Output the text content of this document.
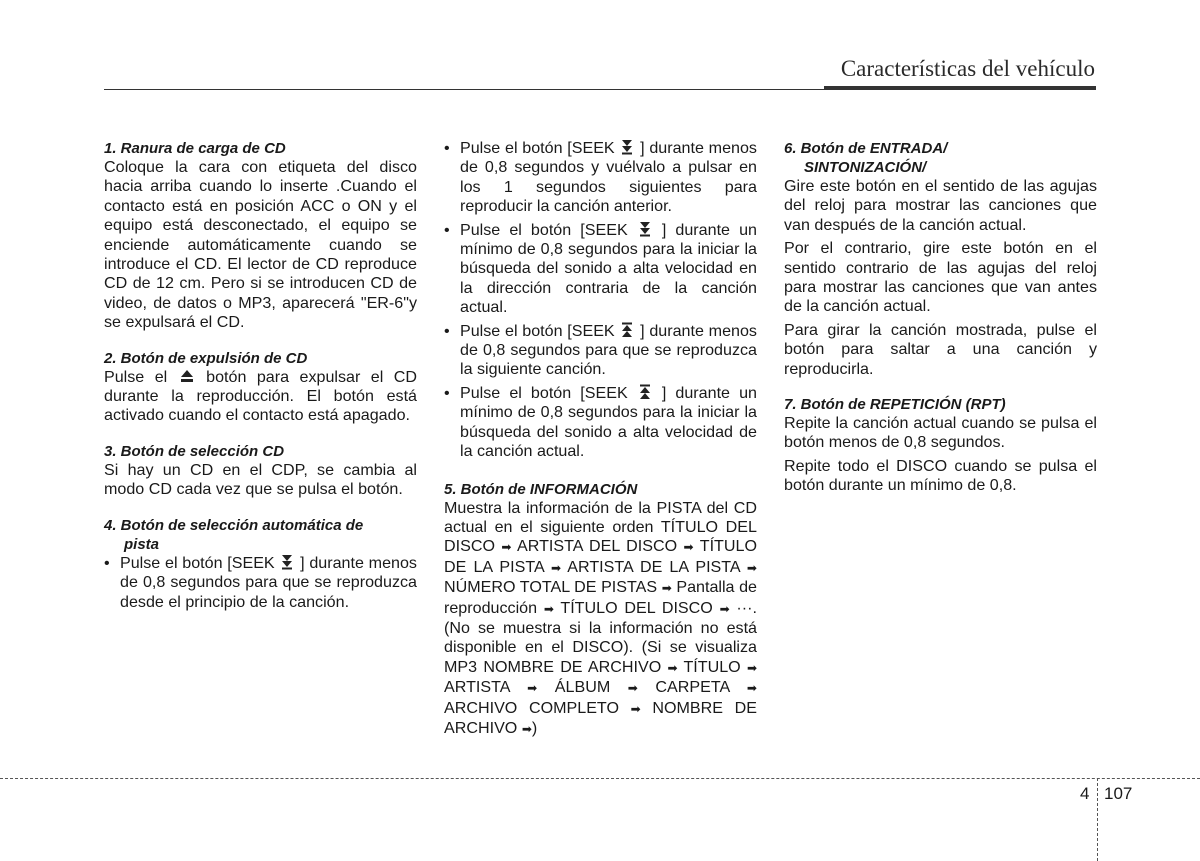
Características del vehículo

1. Ranura de carga de CD

Coloque la cara con etiqueta del disco hacia arriba cuando lo inserte .Cuando el contacto está en posición ACC o ON y el equipo está desconectado, el equipo se enciende automáticamente cuando se introduce el CD. El lector de CD reproduce CD de 12 cm. Pero si se introducen CD de video, de datos o MP3, aparecerá "ER-6"y se expulsará el CD.

2. Botón de expulsión de CD

Pulse el botón para expulsar el CD durante la reproducción. El botón está activado cuando el contacto está apagado.

3. Botón de selección CD

Si hay un CD en el CDP, se cambia al modo CD cada vez que se pulsa el botón.

4. Botón de selección automática de
pista

• Pulse el botón [SEEK ] durante menos de 0,8 segundos para que se reproduzca desde el principio de la canción.
• Pulse el botón [SEEK ] durante menos de 0,8 segundos y vuélvalo a pulsar en los 1 segundos siguientes para reproducir la canción anterior.
• Pulse el botón [SEEK ] durante un mínimo de 0,8 segundos para la iniciar la búsqueda del sonido a alta velocidad en la dirección contraria de la canción actual.
• Pulse el botón [SEEK ] durante menos de 0,8 segundos para que se reproduzca la siguiente canción.
• Pulse el botón [SEEK ] durante un mínimo de 0,8 segundos para la iniciar la búsqueda del sonido a alta velocidad de la canción actual.

5. Botón de INFORMACIÓN

Muestra la información de la PISTA del CD actual en el siguiente orden TÍTULO DEL DISCO ➡ ARTISTA DEL DISCO ➡ TÍTULO DE LA PISTA ➡ ARTISTA DE LA PISTA ➡ NÚMERO TOTAL DE PISTAS ➡ Pantalla de reproducción ➡ TÍTULO DEL DISCO ➡ ···.(No se muestra si la información no está disponible en el DISCO). (Si se visualiza MP3 NOMBRE DE ARCHIVO ➡ TÍTULO ➡ ARTISTA ➡ ÁLBUM ➡ CARPETA ➡ ARCHIVO COMPLETO ➡ NOMBRE DE ARCHIVO ➡)

6. Botón de ENTRADA/
SINTONIZACIÓN/

Gire este botón en el sentido de las agujas del reloj para mostrar las canciones que van después de la canción actual.

Por el contrario, gire este botón en el sentido contrario de las agujas del reloj para mostrar las canciones que van antes de la canción actual.

Para girar la canción mostrada, pulse el botón para saltar a una canción y reproducirla.

7. Botón de REPETICIÓN (RPT)

Repite la canción actual cuando se pulsa el botón menos de 0,8 segundos.

Repite todo el DISCO cuando se pulsa el botón durante un mínimo de 0,8.

4 107
